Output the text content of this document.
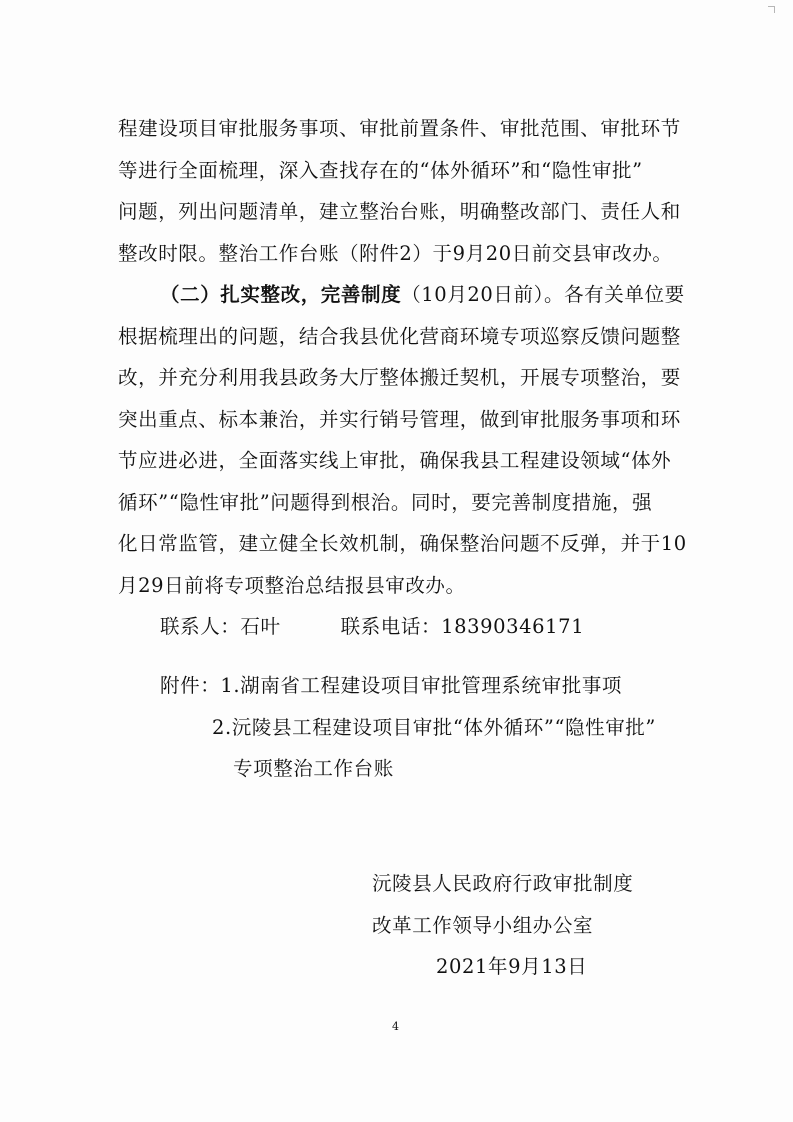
程建设项目审批服务事项、审批前置条件、审批范围、审批环节
等进行全面梳理，深入查找存在的“体外循环”和“隐性审批”
问题，列出问题清单，建立整治台账，明确整改部门、责任人和
整改时限。整治工作台账（附件2）于9月20日前交县审改办。
（二）扎实整改，完善制度（10月20日前）。各有关单位要
根据梳理出的问题，结合我县优化营商环境专项巡察反馈问题整
改，并充分利用我县政务大厅整体搬迁契机，开展专项整治，要
突出重点、标本兼治，并实行销号管理，做到审批服务事项和环
节应进必进，全面落实线上审批，确保我县工程建设领域“体外
循环”“隐性审批”问题得到根治。同时，要完善制度措施，强
化日常监管，建立健全长效机制，确保整治问题不反弹，并于10
月29日前将专项整治总结报县审改办。
联系人：石叶	联系电话：18390346171
附件：1.湖南省工程建设项目审批管理系统审批事项
2.沅陵县工程建设项目审批“体外循环”“隐性审批”
专项整治工作台账
沅陵县人民政府行政审批制度
改革工作领导小组办公室
2021年9月13日
4
